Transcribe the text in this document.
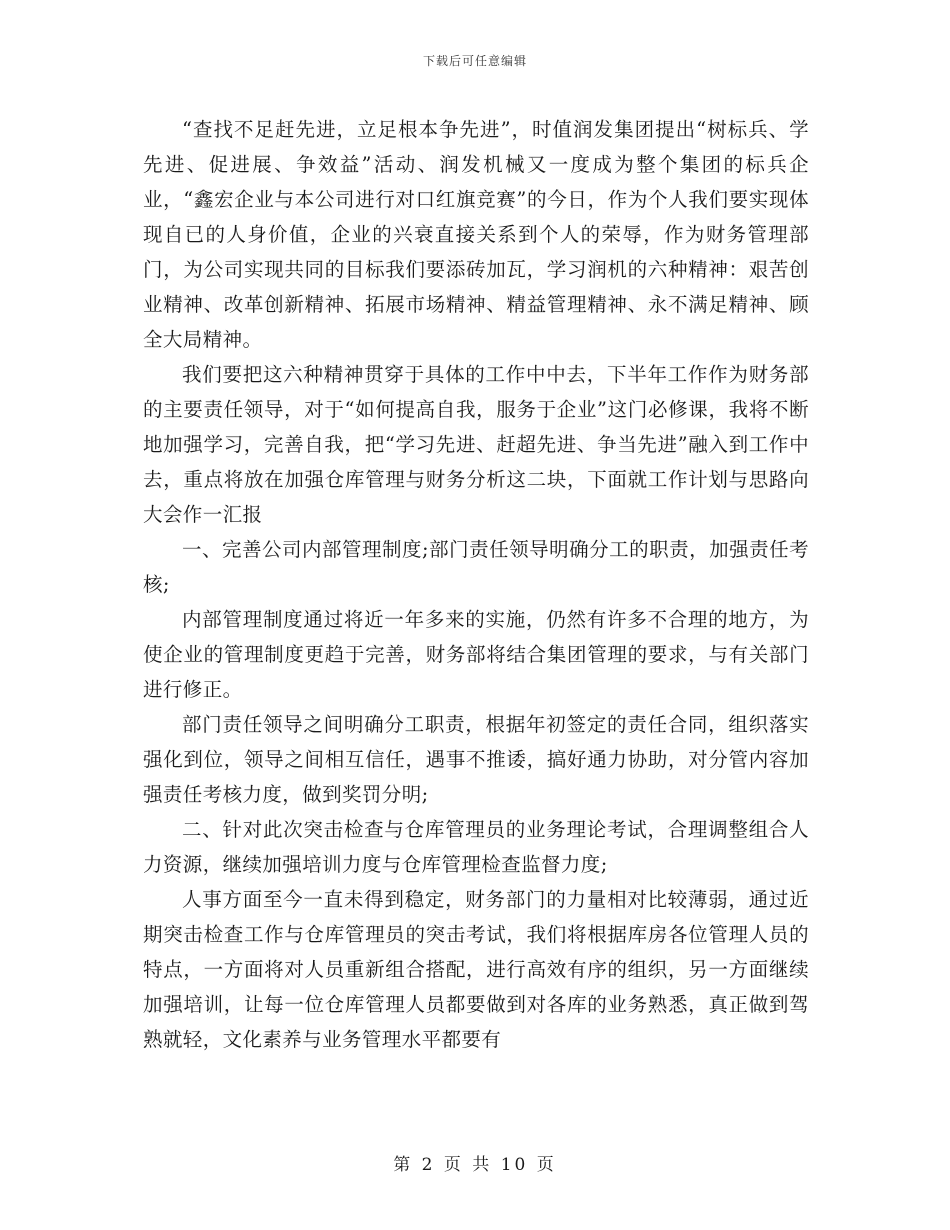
下载后可任意编辑

“查找不足赶先进，立足根本争先进”，时值润发集团提出“树标兵、学先进、促进展、争效益”活动、润发机械又一度成为整个集团的标兵企业，“鑫宏企业与本公司进行对口红旗竞赛”的今日，作为个人我们要实现体现自已的人身价值，企业的兴衰直接关系到个人的荣辱，作为财务管理部门，为公司实现共同的目标我们要添砖加瓦，学习润机的六种精神：艰苦创业精神、改革创新精神、拓展市场精神、精益管理精神、永不满足精神、顾全大局精神。

我们要把这六种精神贯穿于具体的工作中中去，下半年工作作为财务部的主要责任领导，对于“如何提高自我，服务于企业”这门必修课，我将不断地加强学习，完善自我，把“学习先进、赶超先进、争当先进”融入到工作中去，重点将放在加强仓库管理与财务分析这二块，下面就工作计划与思路向大会作一汇报

一、完善公司内部管理制度;部门责任领导明确分工的职责，加强责任考核;

内部管理制度通过将近一年多来的实施，仍然有许多不合理的地方，为使企业的管理制度更趋于完善，财务部将结合集团管理的要求，与有关部门进行修正。

部门责任领导之间明确分工职责，根据年初签定的责任合同，组织落实强化到位，领导之间相互信任，遇事不推诿，搞好通力协助，对分管内容加强责任考核力度，做到奖罚分明;

二、针对此次突击检查与仓库管理员的业务理论考试，合理调整组合人力资源，继续加强培训力度与仓库管理检查监督力度;

人事方面至今一直未得到稳定，财务部门的力量相对比较薄弱，通过近期突击检查工作与仓库管理员的突击考试，我们将根据库房各位管理人员的特点，一方面将对人员重新组合搭配，进行高效有序的组织，另一方面继续加强培训，让每一位仓库管理人员都要做到对各库的业务熟悉，真正做到驾熟就轻，文化素养与业务管理水平都要有

第 2 页 共 10 页
